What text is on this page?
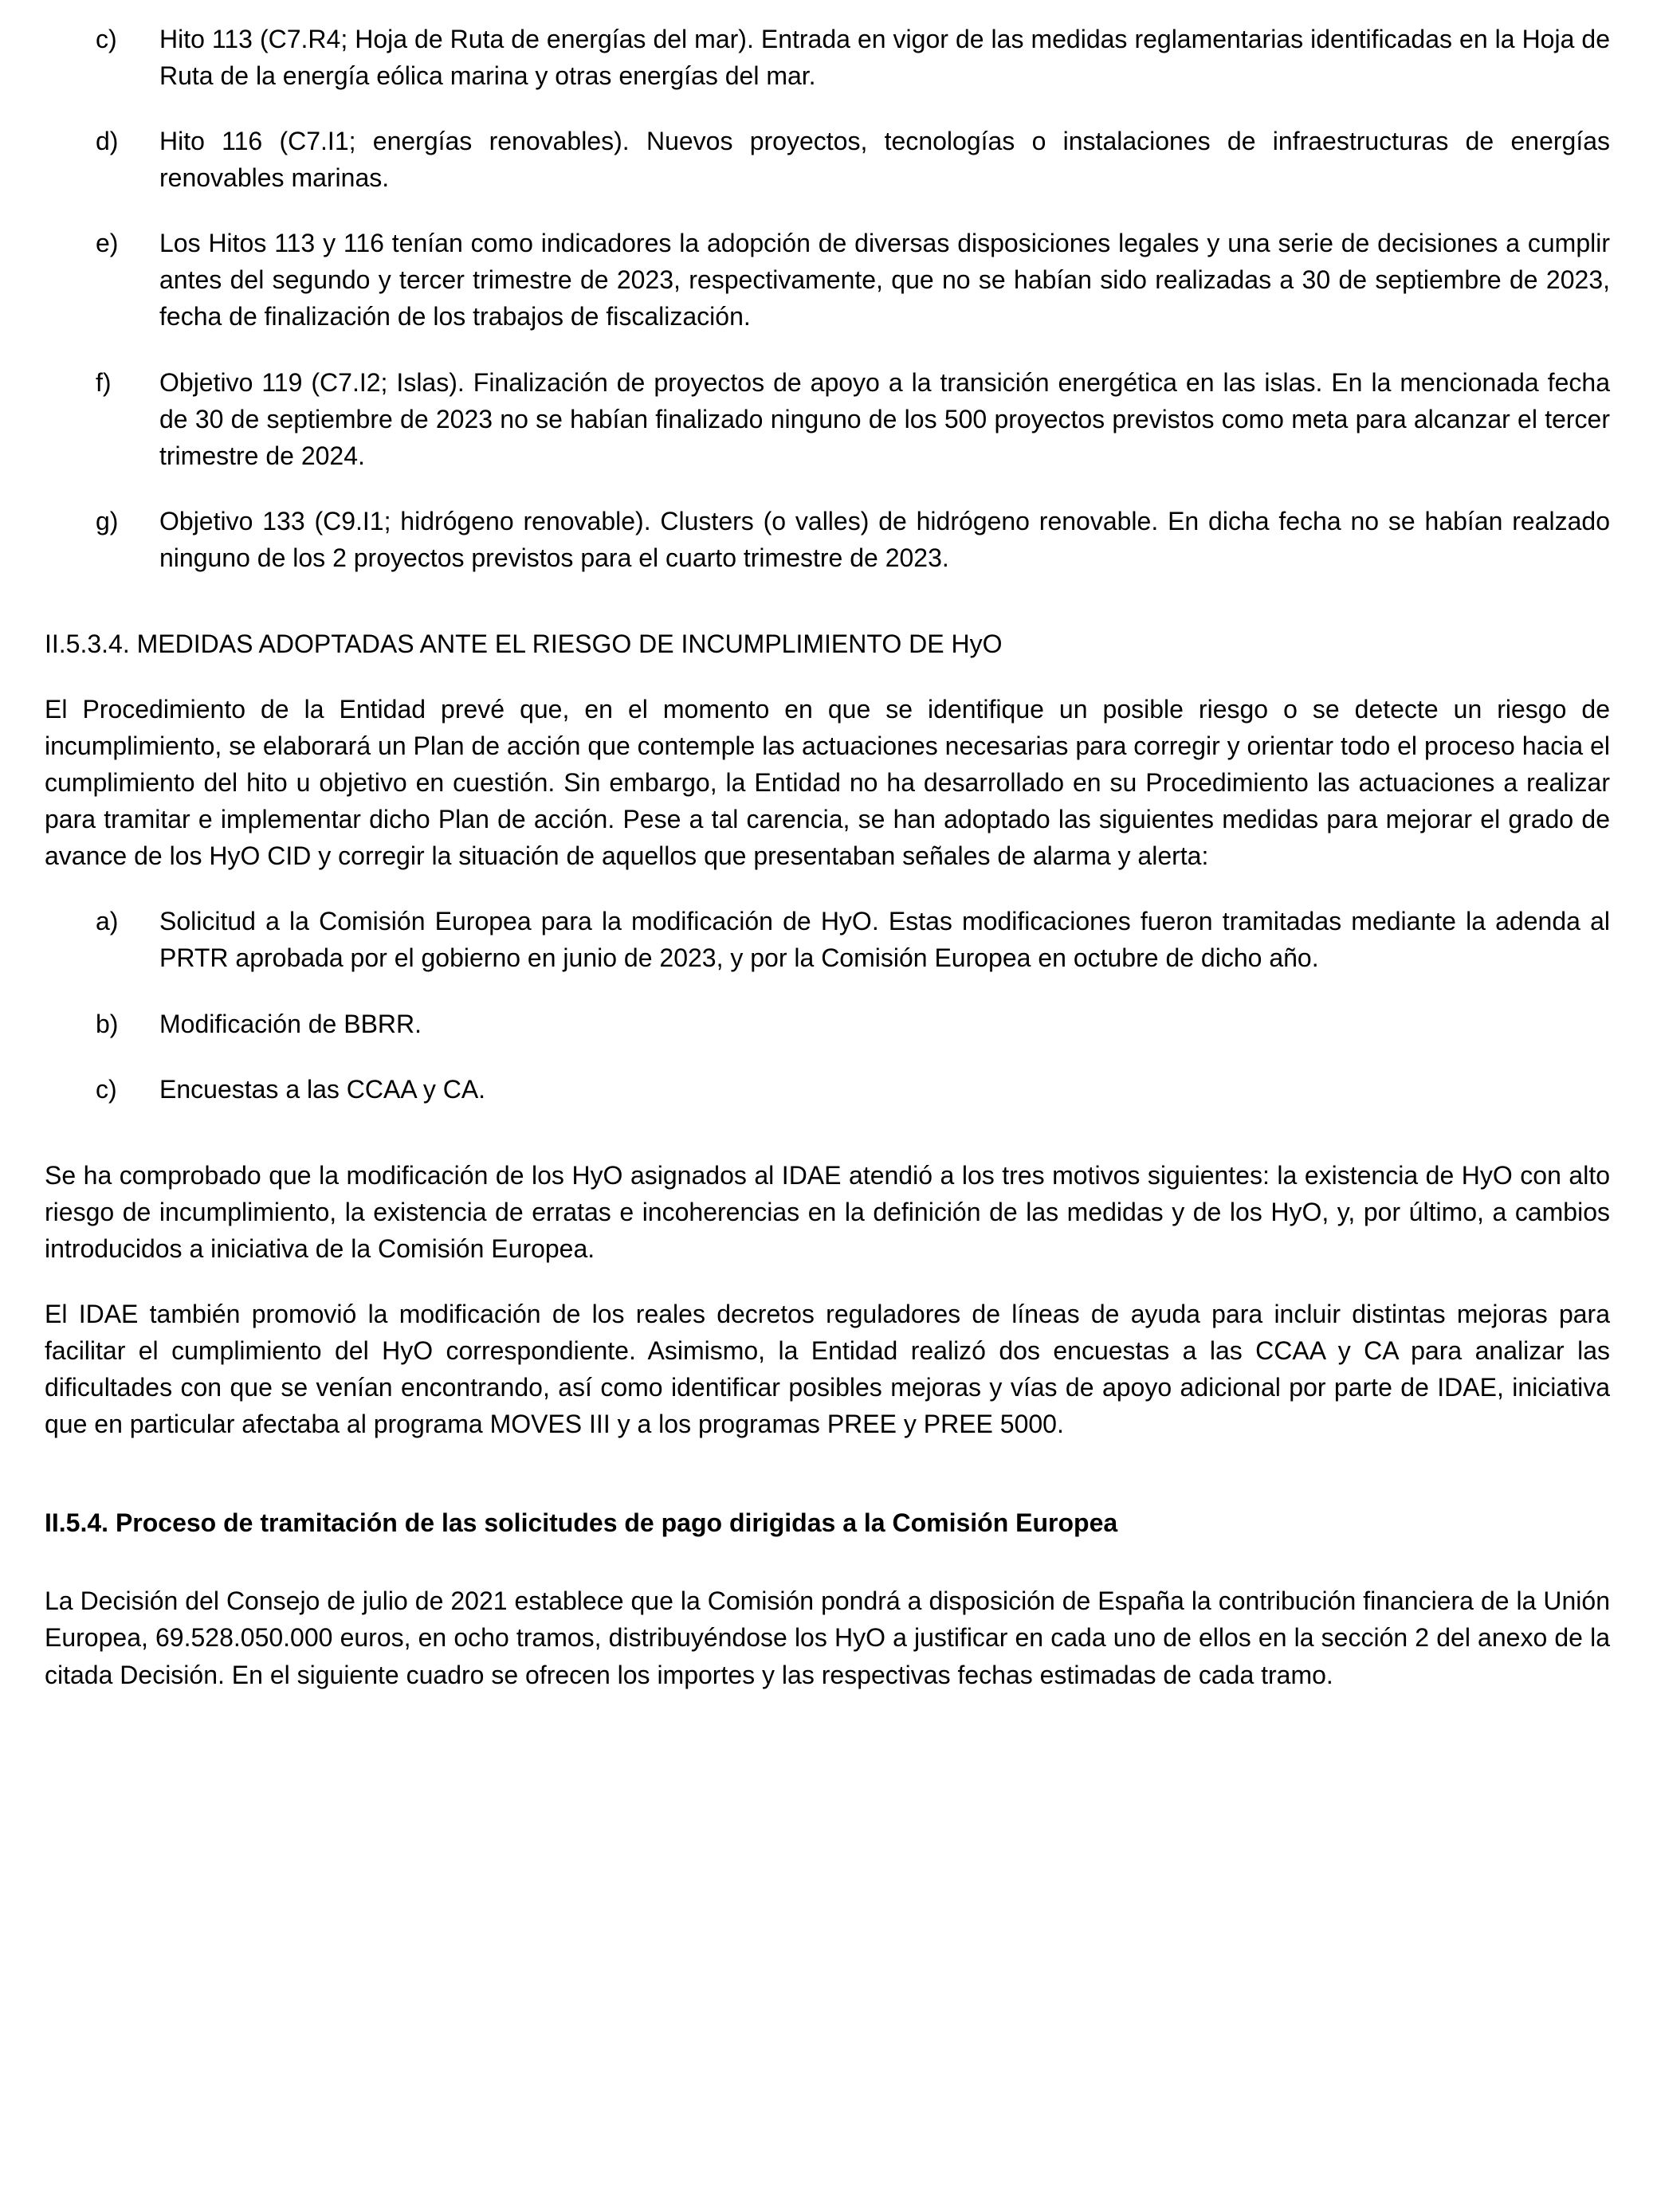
c)	Hito 113 (C7.R4; Hoja de Ruta de energías del mar). Entrada en vigor de las medidas reglamentarias identificadas en la Hoja de Ruta de la energía eólica marina y otras energías del mar.
d)	Hito 116 (C7.I1; energías renovables). Nuevos proyectos, tecnologías o instalaciones de infraestructuras de energías renovables marinas.
e)	Los Hitos 113 y 116 tenían como indicadores la adopción de diversas disposiciones legales y una serie de decisiones a cumplir antes del segundo y tercer trimestre de 2023, respectivamente, que no se habían sido realizadas a 30 de septiembre de 2023, fecha de finalización de los trabajos de fiscalización.
f)	Objetivo 119 (C7.I2; Islas). Finalización de proyectos de apoyo a la transición energética en las islas. En la mencionada fecha de 30 de septiembre de 2023 no se habían finalizado ninguno de los 500 proyectos previstos como meta para alcanzar el tercer trimestre de 2024.
g)	Objetivo 133 (C9.I1; hidrógeno renovable). Clusters (o valles) de hidrógeno renovable. En dicha fecha no se habían realzado ninguno de los 2 proyectos previstos para el cuarto trimestre de 2023.
II.5.3.4. MEDIDAS ADOPTADAS ANTE EL RIESGO DE INCUMPLIMIENTO DE HyO

El Procedimiento de la Entidad prevé que, en el momento en que se identifique un posible riesgo o se detecte un riesgo de incumplimiento, se elaborará un Plan de acción que contemple las actuaciones necesarias para corregir y orientar todo el proceso hacia el cumplimiento del hito u objetivo en cuestión. Sin embargo, la Entidad no ha desarrollado en su Procedimiento las actuaciones a realizar para tramitar e implementar dicho Plan de acción. Pese a tal carencia, se han adoptado las siguientes medidas para mejorar el grado de avance de los HyO CID y corregir la situación de aquellos que presentaban señales de alarma y alerta:

a)	Solicitud a la Comisión Europea para la modificación de HyO. Estas modificaciones fueron tramitadas mediante la adenda al PRTR aprobada por el gobierno en junio de 2023, y por la Comisión Europea en octubre de dicho año.
b)	Modificación de BBRR.
c)	Encuestas a las CCAA y CA.

Se ha comprobado que la modificación de los HyO asignados al IDAE atendió a los tres motivos siguientes: la existencia de HyO con alto riesgo de incumplimiento, la existencia de erratas e incoherencias en la definición de las medidas y de los HyO, y, por último, a cambios introducidos a iniciativa de la Comisión Europea.

El IDAE también promovió la modificación de los reales decretos reguladores de líneas de ayuda para incluir distintas mejoras para facilitar el cumplimiento del HyO correspondiente. Asimismo, la Entidad realizó dos encuestas a las CCAA y CA para analizar las dificultades con que se venían encontrando, así como identificar posibles mejoras y vías de apoyo adicional por parte de IDAE, iniciativa que en particular afectaba al programa MOVES III y a los programas PREE y PREE 5000.

II.5.4. Proceso de tramitación de las solicitudes de pago dirigidas a la Comisión Europea

La Decisión del Consejo de julio de 2021 establece que la Comisión pondrá a disposición de España la contribución financiera de la Unión Europea, 69.528.050.000 euros, en ocho tramos, distribuyéndose los HyO a justificar en cada uno de ellos en la sección 2 del anexo de la citada Decisión. En el siguiente cuadro se ofrecen los importes y las respectivas fechas estimadas de cada tramo.
